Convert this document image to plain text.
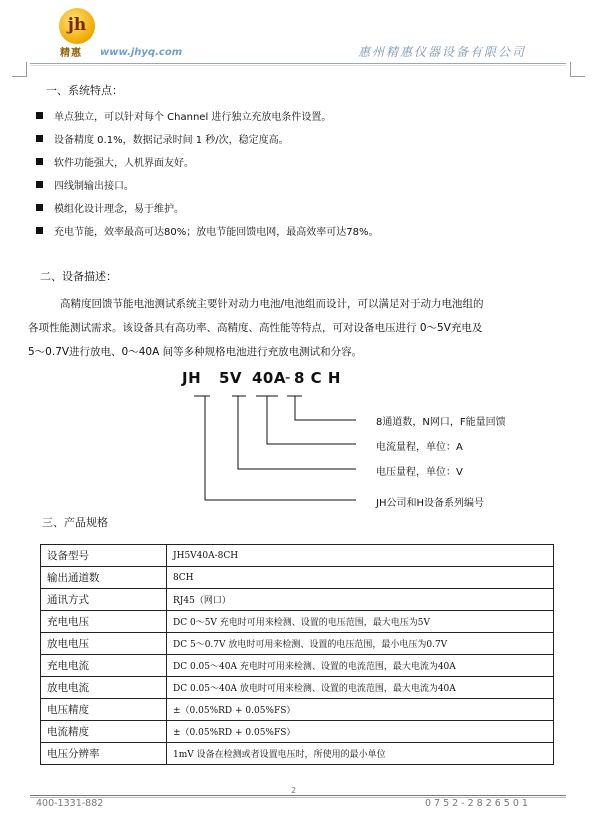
jh
精惠 www.jhyq.com	惠州精惠仪器设备有限公司
一、系统特点：
单点独立，可以针对每个 Channel 进行独立充放电条件设置。
设备精度 0.1%，数据记录时间 1 秒/次，稳定度高。
软件功能强大，人机界面友好。
四线制输出接口。
模组化设计理念，易于维护。
充电节能，效率最高可达80%；放电节能回馈电网，最高效率可达78%。
二、设备描述：
高精度回馈节能电池测试系统主要针对动力电池/电池组而设计，可以满足对于动力电池组的
各项性能测试需求。该设备具有高功率、高精度、高性能等特点，可对设备电压进行 0～5V充电及
5～0.7V进行放电、0～40A 间等多种规格电池进行充放电测试和分容。
JH 5V 40A - 8 C H
8通道数，N网口，F能量回馈
电流量程，单位：A
电压量程，单位：V
JH公司和H设备系列编号
三、产品规格
设备型号	JH5V40A-8CH
输出通道数	8CH
通讯方式	RJ45（网口）
充电电压	DC 0～5V 充电时可用来检测、设置的电压范围，最大电压为5V
放电电压	DC 5～0.7V 放电时可用来检测、设置的电压范围，最小电压为0.7V
充电电流	DC 0.05～40A 充电时可用来检测、设置的电流范围，最大电流为40A
放电电流	DC 0.05～40A 放电时可用来检测、设置的电流范围，最大电流为40A
电压精度	±（0.05%RD + 0.05%FS）
电流精度	±（0.05%RD + 0.05%FS）
电压分辨率	1mV 设备在检测或者设置电压时，所使用的最小单位
2
400-1331-882	0752-2826501
